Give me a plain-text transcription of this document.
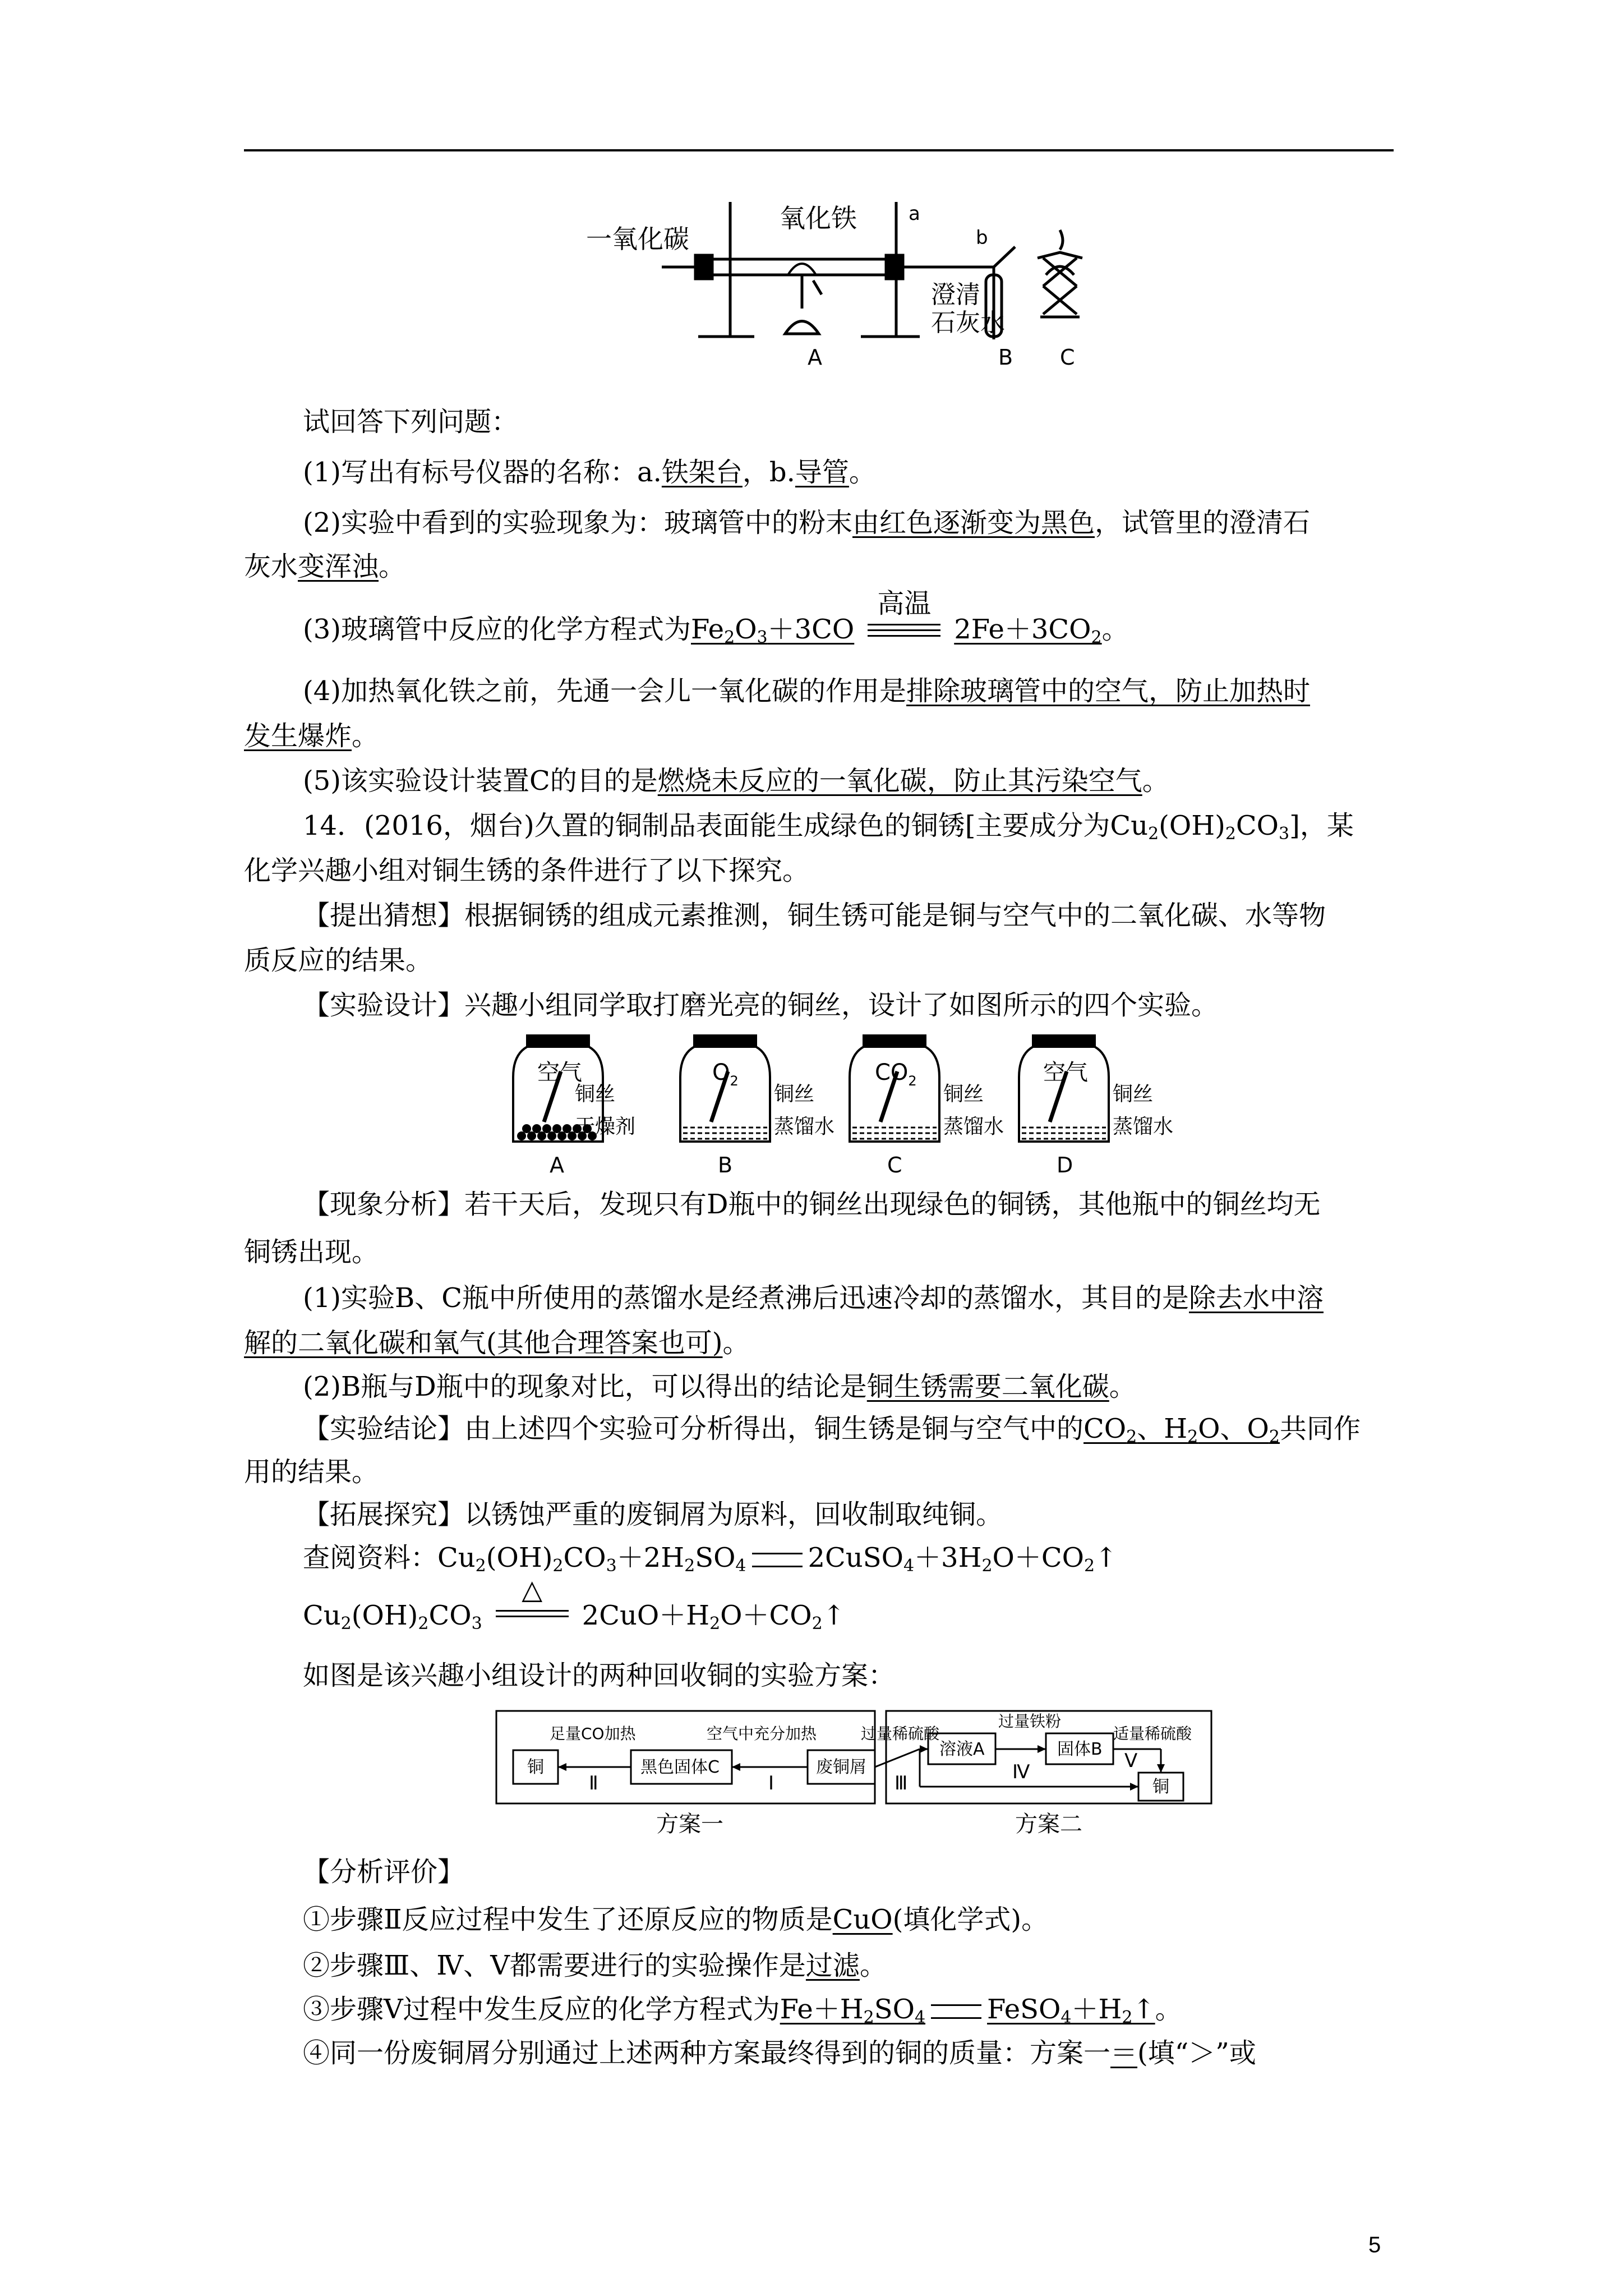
一氧化碳
氧化铁	a
b
澄清
石灰水
A	B C
试回答下列问题：
(1)写出有标号仪器的名称：a.铁架台，b.导管。
(2)实验中看到的实验现象为：玻璃管中的粉末由红色逐渐变为黑色，试管里的澄清石
灰水变浑浊。
(3)玻璃管中反应的化学方程式为$Fe_2O_3+3CO$
高温
$2Fe+3CO_2$。
(4)加热氧化铁之前，先通一会儿一氧化碳的作用是排除玻璃管中的空气，防止加热时
发生爆炸。
(5)该实验设计装置C的目的是燃烧未反应的一氧化碳，防止其污染空气。
14．(2016，烟台)久置的铜制品表面能生成绿色的铜锈[主要成分为$Cu_2(OH)_2CO_3$]，某
化学兴趣小组对铜生锈的条件进行了以下探究。
【提出猜想】根据铜锈的组成元素推测，铜生锈可能是铜与空气中的二氧化碳、水等物
质反应的结果。
【实验设计】兴趣小组同学取打磨光亮的铜丝，设计了如图所示的四个实验。
空气	$O_2$	$CO_2$	空气
铜丝
干燥剂
铜丝
蒸馏水
铜丝
蒸馏水
铜丝
蒸馏水
A	B	C	D
【现象分析】若干天后，发现只有D瓶中的铜丝出现绿色的铜锈，其他瓶中的铜丝均无
铜锈出现。
(1)实验B、C瓶中所使用的蒸馏水是经煮沸后迅速冷却的蒸馏水，其目的是除去水中溶
解的二氧化碳和氧气(其他合理答案也可)。
(2)B瓶与D瓶中的现象对比，可以得出的结论是铜生锈需要二氧化碳。
【实验结论】由上述四个实验可分析得出，铜生锈是铜与空气中的$CO_2$、$H_2O$、$O_2$共同作
用的结果。
【拓展探究】以锈蚀严重的废铜屑为原料，回收制取纯铜。
查阅资料：$Cu_2(OH)_2CO_3+2H_2SO_4$ $2CuSO_4+3H_2O+CO_2↑$
$Cu_2(OH)_2CO_3$
△
$2CuO+H_2O+CO_2↑$
如图是该兴趣小组设计的两种回收铜的实验方案：
铜	黑色固体C	废铜屑
溶液A	固体B
铜
足量CO加热	空气中充分加热	过量稀硫酸
过量铁粉
适量稀硫酸
Ⅱ	Ⅰ	Ⅲ	Ⅳ	Ⅴ
方案一	方案二
【分析评价】
①步骤Ⅱ反应过程中发生了还原反应的物质是CuO(填化学式)。
②步骤Ⅲ、Ⅳ、Ⅴ都需要进行的实验操作是过滤。
③步骤Ⅴ过程中发生反应的化学方程式为$Fe+H_2SO_4$ $FeSO_4+H_2↑$。
④同一份废铜屑分别通过上述两种方案最终得到的铜的质量：方案一＝(填“＞”或
5
